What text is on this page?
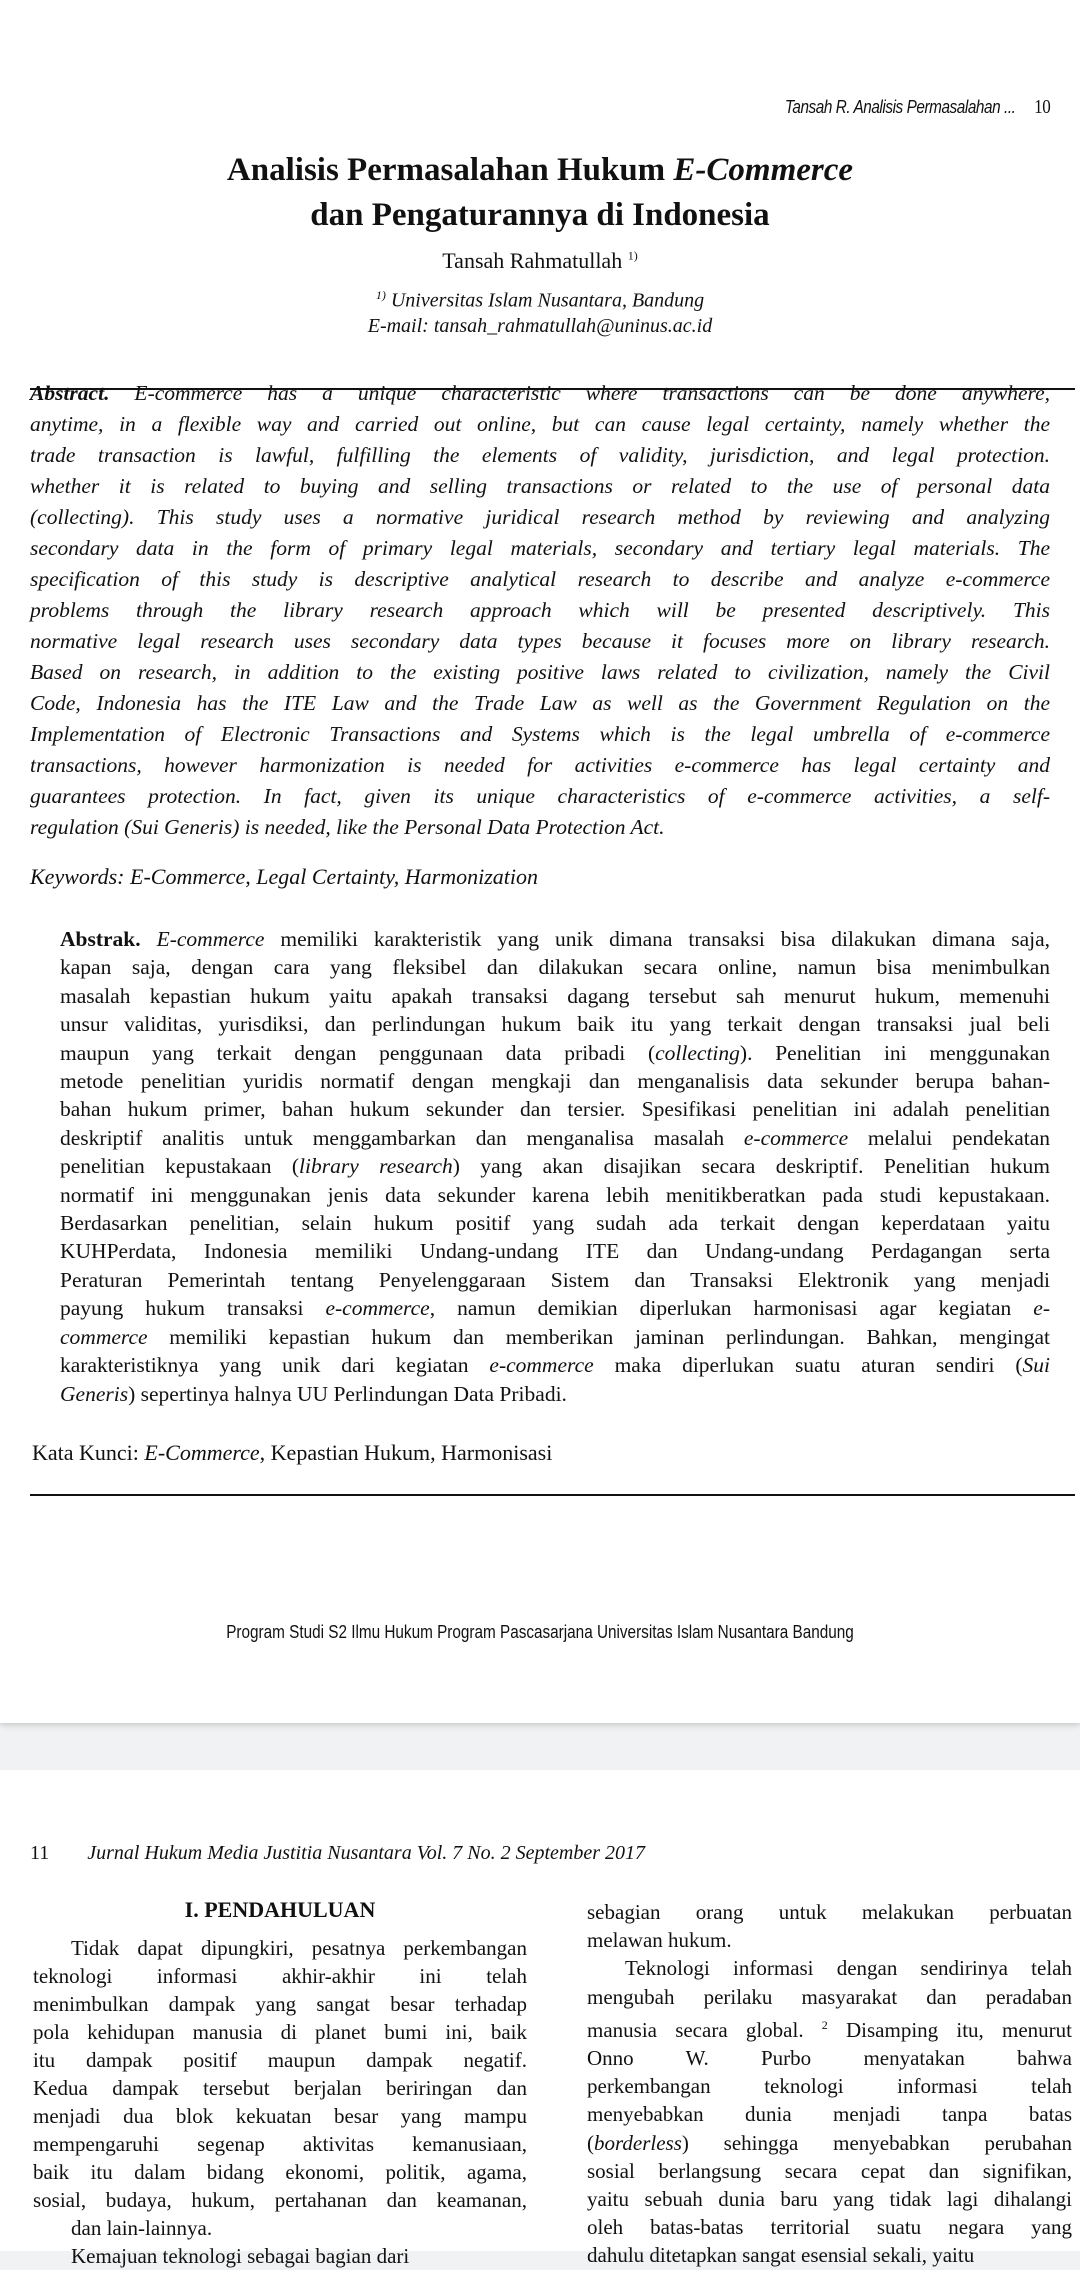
Tansah R. Analisis Permasalahan ... 10
Analisis Permasalahan Hukum E-Commerce
dan Pengaturannya di Indonesia
Tansah Rahmatullah $^{1)}$
$^{1)}$ Universitas Islam Nusantara, Bandung
E-mail: tansah_rahmatullah@uninus.ac.id
Abstract. E-commerce has a unique characteristic where transactions can be done anywhere,
anytime, in a flexible way and carried out online, but can cause legal certainty, namely whether the
trade transaction is lawful, fulfilling the elements of validity, jurisdiction, and legal protection.
whether it is related to buying and selling transactions or related to the use of personal data
(collecting). This study uses a normative juridical research method by reviewing and analyzing
secondary data in the form of primary legal materials, secondary and tertiary legal materials. The
specification of this study is descriptive analytical research to describe and analyze e-commerce
problems through the library research approach which will be presented descriptively. This
normative legal research uses secondary data types because it focuses more on library research.
Based on research, in addition to the existing positive laws related to civilization, namely the Civil
Code, Indonesia has the ITE Law and the Trade Law as well as the Government Regulation on the
Implementation of Electronic Transactions and Systems which is the legal umbrella of e-commerce
transactions, however harmonization is needed for activities e-commerce has legal certainty and
guarantees protection. In fact, given its unique characteristics of e-commerce activities, a self-
regulation (Sui Generis) is needed, like the Personal Data Protection Act.
Keywords: E-Commerce, Legal Certainty, Harmonization
Abstrak. E-commerce memiliki karakteristik yang unik dimana transaksi bisa dilakukan dimana saja,
kapan saja, dengan cara yang fleksibel dan dilakukan secara online, namun bisa menimbulkan
masalah kepastian hukum yaitu apakah transaksi dagang tersebut sah menurut hukum, memenuhi
unsur validitas, yurisdiksi, dan perlindungan hukum baik itu yang terkait dengan transaksi jual beli
maupun yang terkait dengan penggunaan data pribadi (collecting). Penelitian ini menggunakan
metode penelitian yuridis normatif dengan mengkaji dan menganalisis data sekunder berupa bahan-
bahan hukum primer, bahan hukum sekunder dan tersier. Spesifikasi penelitian ini adalah penelitian
deskriptif analitis untuk menggambarkan dan menganalisa masalah e-commerce melalui pendekatan
penelitian kepustakaan (library research) yang akan disajikan secara deskriptif. Penelitian hukum
normatif ini menggunakan jenis data sekunder karena lebih menitikberatkan pada studi kepustakaan.
Berdasarkan penelitian, selain hukum positif yang sudah ada terkait dengan keperdataan yaitu
KUHPerdata, Indonesia memiliki Undang-undang ITE dan Undang-undang Perdagangan serta
Peraturan Pemerintah tentang Penyelenggaraan Sistem dan Transaksi Elektronik yang menjadi
payung hukum transaksi e-commerce, namun demikian diperlukan harmonisasi agar kegiatan e-
commerce memiliki kepastian hukum dan memberikan jaminan perlindungan. Bahkan, mengingat
karakteristiknya yang unik dari kegiatan e-commerce maka diperlukan suatu aturan sendiri (Sui
Generis) sepertinya halnya UU Perlindungan Data Pribadi.
Kata Kunci: E-Commerce, Kepastian Hukum, Harmonisasi
Program Studi S2 Ilmu Hukum Program Pascasarjana Universitas Islam Nusantara Bandung
11 Jurnal Hukum Media Justitia Nusantara Vol. 7 No. 2 September 2017
I. PENDAHULUAN
Tidak dapat dipungkiri, pesatnya perkembangan
teknologi informasi akhir-akhir ini telah
menimbulkan dampak yang sangat besar terhadap
pola kehidupan manusia di planet bumi ini, baik
itu dampak positif maupun dampak negatif.
Kedua dampak tersebut berjalan beriringan dan
menjadi dua blok kekuatan besar yang mampu
mempengaruhi segenap aktivitas kemanusiaan,
baik itu dalam bidang ekonomi, politik, agama,
sosial, budaya, hukum, pertahanan dan keamanan,
dan lain-lainnya.
Kemajuan teknologi sebagai bagian dari
sebagian orang untuk melakukan perbuatan
melawan hukum.
Teknologi informasi dengan sendirinya telah
mengubah perilaku masyarakat dan peradaban
manusia secara global. $^2$ Disamping itu, menurut
Onno W. Purbo menyatakan bahwa
perkembangan teknologi informasi telah
menyebabkan dunia menjadi tanpa batas
(borderless) sehingga menyebabkan perubahan
sosial berlangsung secara cepat dan signifikan,
yaitu sebuah dunia baru yang tidak lagi dihalangi
oleh batas-batas territorial suatu negara yang
dahulu ditetapkan sangat esensial sekali, yaitu
